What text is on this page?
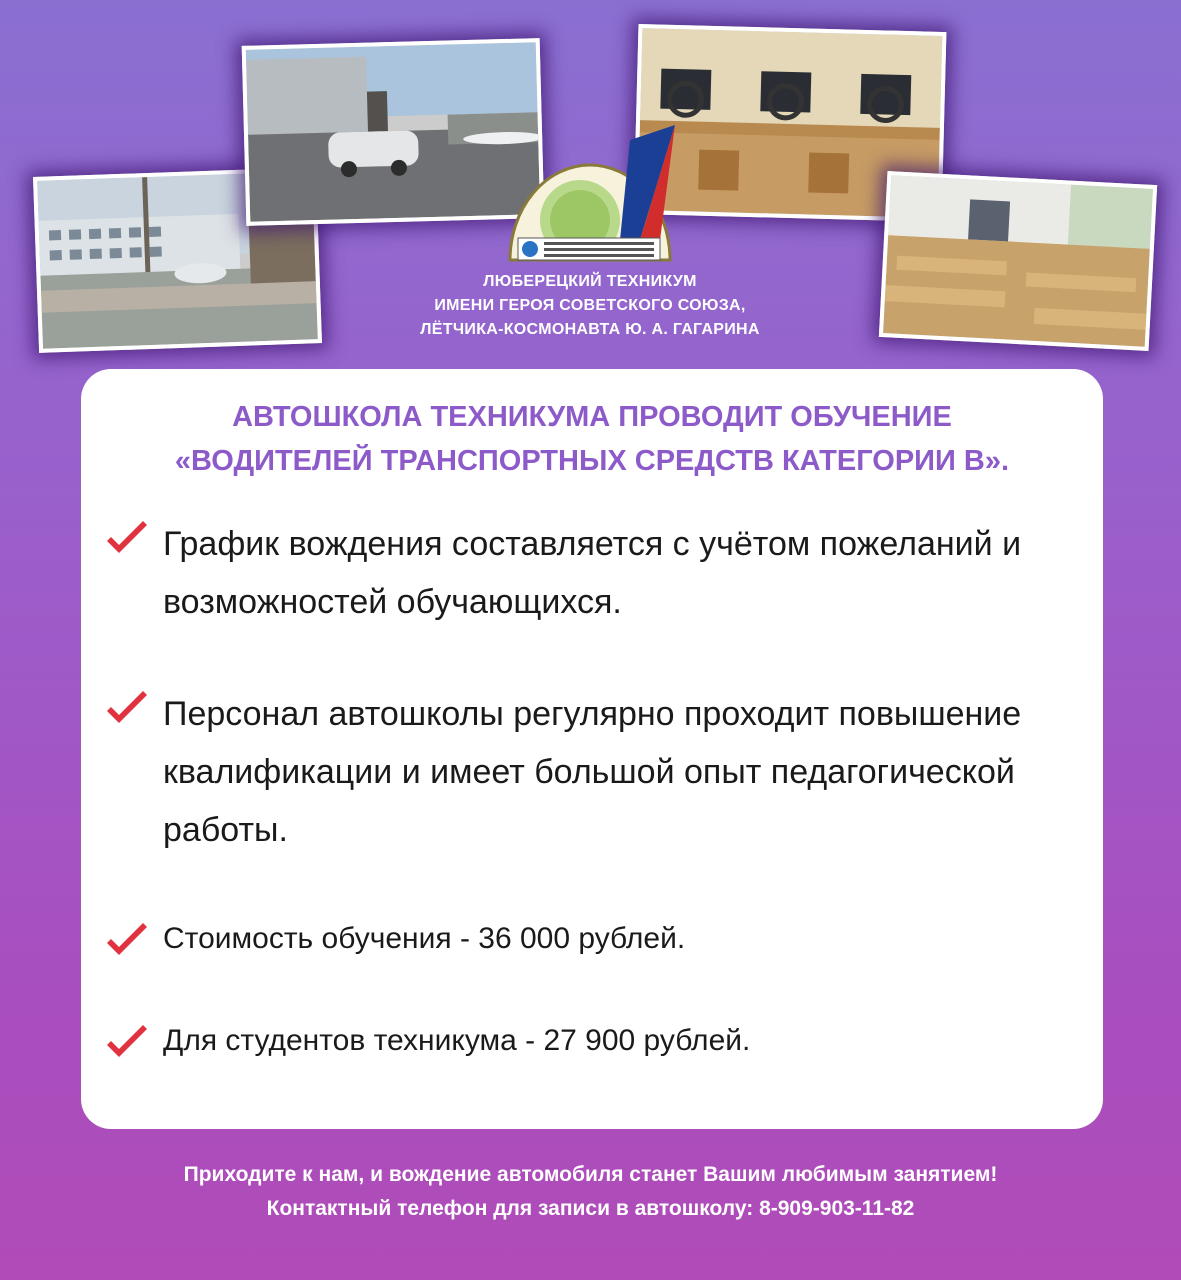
ЛЮБЕРЕЦКИЙ ТЕХНИКУМ
ИМЕНИ ГЕРОЯ СОВЕТСКОГО СОЮЗА,
ЛЁТЧИКА-КОСМОНАВТА Ю. А. ГАГАРИНА
АВТОШКОЛА ТЕХНИКУМА ПРОВОДИТ ОБУЧЕНИЕ
«ВОДИТЕЛЕЙ ТРАНСПОРТНЫХ СРЕДСТВ КАТЕГОРИИ В».
График вождения составляется с учётом пожеланий и
возможностей обучающихся.
Персонал автошколы регулярно проходит повышение
квалификации и имеет большой опыт педагогической
работы.
Стоимость обучения - 36 000 рублей.
Для студентов техникума - 27 900 рублей.
Приходите к нам, и вождение автомобиля станет Вашим любимым занятием!
Контактный телефон для записи в автошколу: 8-909-903-11-82
